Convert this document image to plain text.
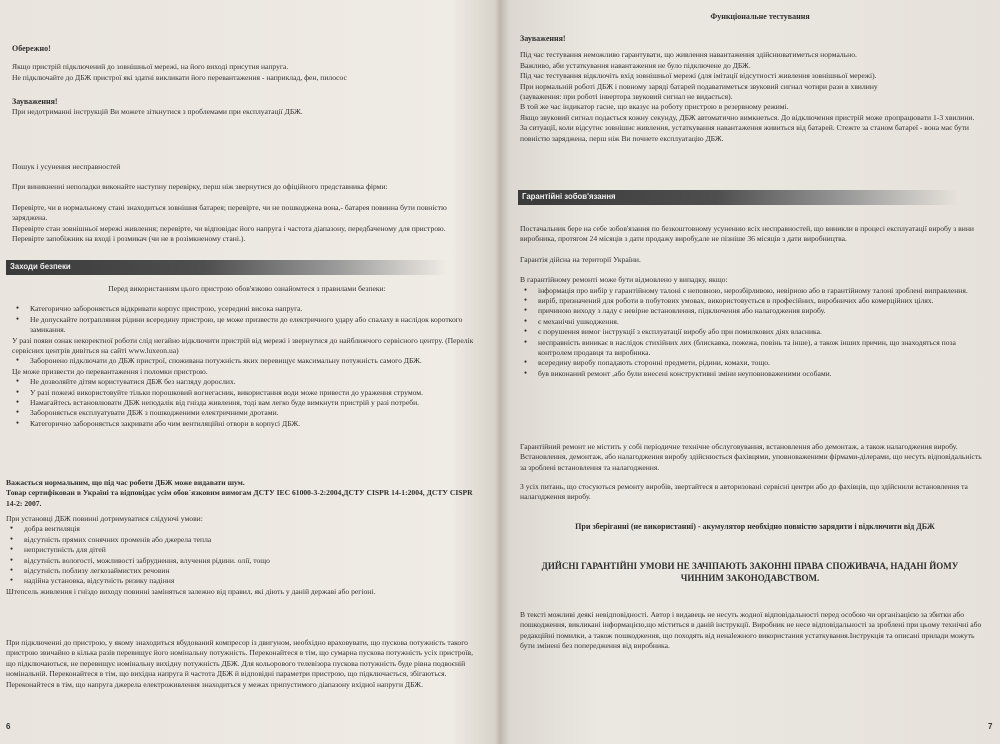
Обережно!

Якщо пристрій підключений до зовнішньої мережі, на його виході присутня напруга.

Не підключайте до ДБЖ пристрої які здатні викликати його перевантаження - наприклад, фен, пилосос

Зауваження!

При недотриманні інструкцій Ви можете зіткнутися з проблемами при експлуатації ДБЖ.

Пошук і усунення несправностей

При виникненні неполадки виконайте наступну перевірку, перш ніж звернутися до офіційного представника фірми:

Перевірте, чи в нормальному стані знаходиться зовнішня батарея; перевірте, чи не пошкоджена вона,- батарея повинна бути повністю заряджена.

Перевірте стан зовнішньої мережі живлення; перевірте, чи відповідає його напруга і частота діапазону, передбаченому для пристрою.

Перевірте запобіжник на вході і розмикач (чи не в розімкненому стані.).

Заходи безпеки

Перед використанням цього пристрою обов'язково ознайомтеся з правилами безпеки:

● Категорично забороняється відкривати корпус пристрою, усередині висока напруга.
● Не допускайте потрапляння рідини всередину пристрою, це може призвести до електричного удару або спалаху в наслідок короткого замикання.

У разі появи ознак некоректної роботи слід негайно відключити пристрій від мережі і звернутися до найближчого сервісного центру. (Перелік сервісних центрів дивіться на сайті www.luxeon.ua)

● Заборонено підключати до ДБЖ пристрої, споживана потужність яких перевищує максимальну потужність самого ДБЖ.

Це може призвести до перевантаження і поломки пристрою.

● Не дозволяйте дітям користуватися ДБЖ без нагляду дорослих.
● У разі пожежі використовуйте тільки порошковий вогнегасник, використання води може привести до ураження струмом.
● Намагайтесь встановлювати ДБЖ неподалік від гнізда живлення, тоді вам легко буде вимкнути пристрій у разі потреби.
● Забороняється експлуатувати ДБЖ з пошкодженими електричними дротами.
● Категорично забороняється закривати або чим вентиляційні отвори в корпусі ДБЖ.

Важається нормальним, що під час роботи ДБЖ може видавати шум.

Товар сертифікован в Україні та відповідає усім обов`язковим вимогам ДСТУ IEC 61000-3-2:2004,ДСТУ CISPR 14-1:2004, ДСТУ CISPR 14-2: 2007.

При установці ДБЖ повинні дотримуватися слідуючі умови:

● добра вентиляція
● відсутність прямих сонячних променів або джерела тепла
● неприступність для дітей
● відсутність вологості, можливості забруднення, влучення рідини. олії, тощо
● відсутність поблизу легкозаймистих речовин
● надійна установка, відсутність ризику падіння

Штепсель живлення і гніздо виходу повинні заміняться залежно від правил, які діють у даній державі або регіоні.

При підключенні до пристрою, у якому знаходиться вбудований компресор із двигуном, необхідно враховувати, що пускова потужність такого пристрою звичайно в кілька разів перевищує його номінальну потужність. Переконайтеся в тім, що сумарна пускова потужність усіх пристроїв, що підключаються, не перевищує номінальну вихідну потужність ДБЖ. Для кольорового телевізора пускова потужність буде рівна подвоєній номінальній. Переконайтеся в тім, що вихідна напруга й частота ДБЖ й відповідні параметри пристрою, що підключається, збігаються. Переконайтеся в тім, що напруга джерела електроживлення знаходиться у межах припустимого діапазону вхідної напруги ДБЖ.

6
Функціональне тестування

Зауваження!

Під час тестування неможливо гарантувати, що живлення навантаження здійснюватиметься нормально.

Важливо, аби устаткування навантаження не було підключене до ДБЖ.

Під час тестування відключіть вхід зовнішньої мережі (для імітації відсутності живлення зовнішньої мережі).

При нормальній роботі ДБЖ і повному заряді батарей подаватиметься звуковий сигнал чотири рази в хвилину

(зауваження: при роботі інвертора звуковий сигнал не видається).

В той же час індикатор гасне, що вказує на роботу пристрою в резервному режимі.

Якщо звуковий сигнал подається кожну секунду, ДБЖ автоматично вимкнеться. До відключення пристрій може пропрацювати 1-3 хвилини.

За ситуації, коли відсутнє зовнішнє живлення, устаткування навантаження живиться від батарей. Стежте за станом батареї - вона має бути повністю заряджена, перш ніж Ви почнете експлуатацію ДБЖ.

Гарантійні зобов'язання

Постачальник бере на себе зобов'язання по безкоштовному усуненню всіх несправностей, що виникли в процесі експлуатації виробу з вини виробника, протягом 24 місяців з дати продажу виробу,але не пізніше 36 місяців з дати виробництва.

Гарантія дійсна на території України.

В гарантійному ремонті може бути відмовлено у випадку, якщо:

● інформація про вибір у гарантійному талоні є неповною, нерозбірливою, невірною або в гарантійному талоні зроблені виправлення.
● виріб, призначений для роботи в побутових умовах, використовується в професійних, виробничих або комерційних цілях.
● причиною виходу з ладу є невірне встановлення, підключення або налагодження виробу.
● є механічні ушкодження.
● є порушення вимог інструкції з експлуатації виробу або при помилкових діях власника.
● несправність виникає в наслідок стихійних лих (блискавка, пожежа, повінь та інше), а також інших причин, що знаходяться поза контролем продавця та виробника.
● всередину виробу попадають сторонні предмети, рідини, комахи, тощо.
● був виконаний ремонт ,або були внесені конструктивні зміни неуповноваженими особами.

Гарантійний ремонт не містить у собі періодичне технічне обслуговування, встановлення або демонтаж, а також налагодження виробу. Встановлення, демонтаж, або налагодження виробу здійснюється фахівцями, уповноваженими фірмами-ділерами, що несуть відповідальність за зроблені встановлення та налагодження.

З усіх питань, що стосуються ремонту виробів, звертайтеся в авторизовані сервісні центри або до фахівців, що здійснили встановлення та налагодження виробу.

При зберіганні (не використанні) - акумулятор необхідно повністю зарядити і відключити від ДБЖ
ДИЙСНІ ГАРАНТІЙНІ УМОВИ НЕ ЗАЧІПАЮТЬ ЗАКОННІ ПРАВА СПОЖИВАЧА, НАДАНІ ЙОМУ ЧИННИМ ЗАКОНОДАВСТВОМ.

В тексті можливі деякі невідповідності. Автор і видавець не несуть жодної відповідальності перед особою чи організацією за збитки або пошкодження, викликані інформацією,що міститься в даній інструкції. Виробник не несе відповідальності за зроблені при цьому технічні або редакційні помилки, а також пошкодження, що походять від ненalежного використання устаткування.Інструкція та описані прилади можуть бути змінені без попередження від виробника.

7
